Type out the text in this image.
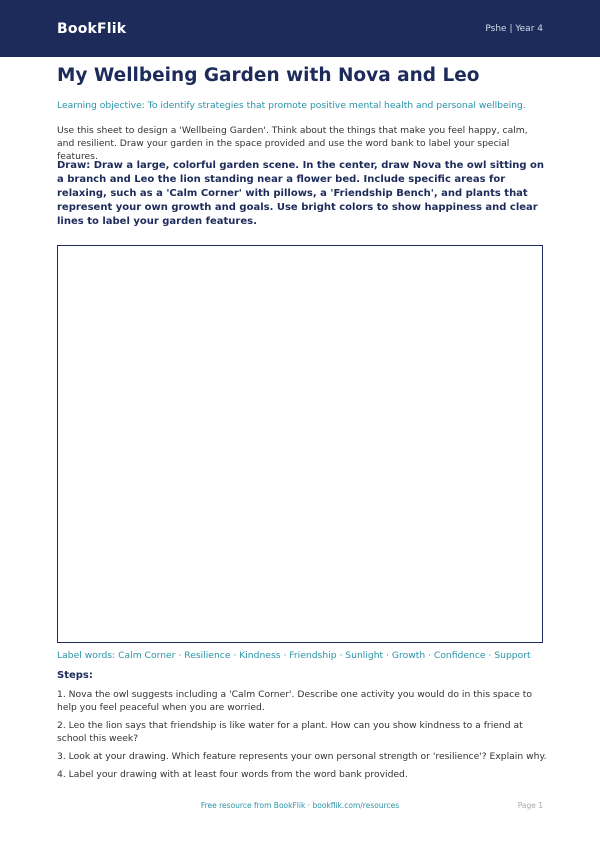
BookFlik	Pshe | Year 4
My Wellbeing Garden with Nova and Leo
Learning objective: To identify strategies that promote positive mental health and personal wellbeing.
Use this sheet to design a 'Wellbeing Garden'. Think about the things that make you feel happy, calm, and resilient. Draw your garden in the space provided and use the word bank to label your special features.
Draw: Draw a large, colorful garden scene. In the center, draw Nova the owl sitting on a branch and Leo the lion standing near a flower bed. Include specific areas for relaxing, such as a 'Calm Corner' with pillows, a 'Friendship Bench', and plants that represent your own growth and goals. Use bright colors to show happiness and clear lines to label your garden features.
Label words: Calm Corner · Resilience · Kindness · Friendship · Sunlight · Growth · Confidence · Support
Steps:
1. Nova the owl suggests including a 'Calm Corner'. Describe one activity you would do in this space to help you feel peaceful when you are worried.
2. Leo the lion says that friendship is like water for a plant. How can you show kindness to a friend at school this week?
3. Look at your drawing. Which feature represents your own personal strength or 'resilience'? Explain why.
4. Label your drawing with at least four words from the word bank provided.
Free resource from BookFlik · bookflik.com/resources	Page 1
